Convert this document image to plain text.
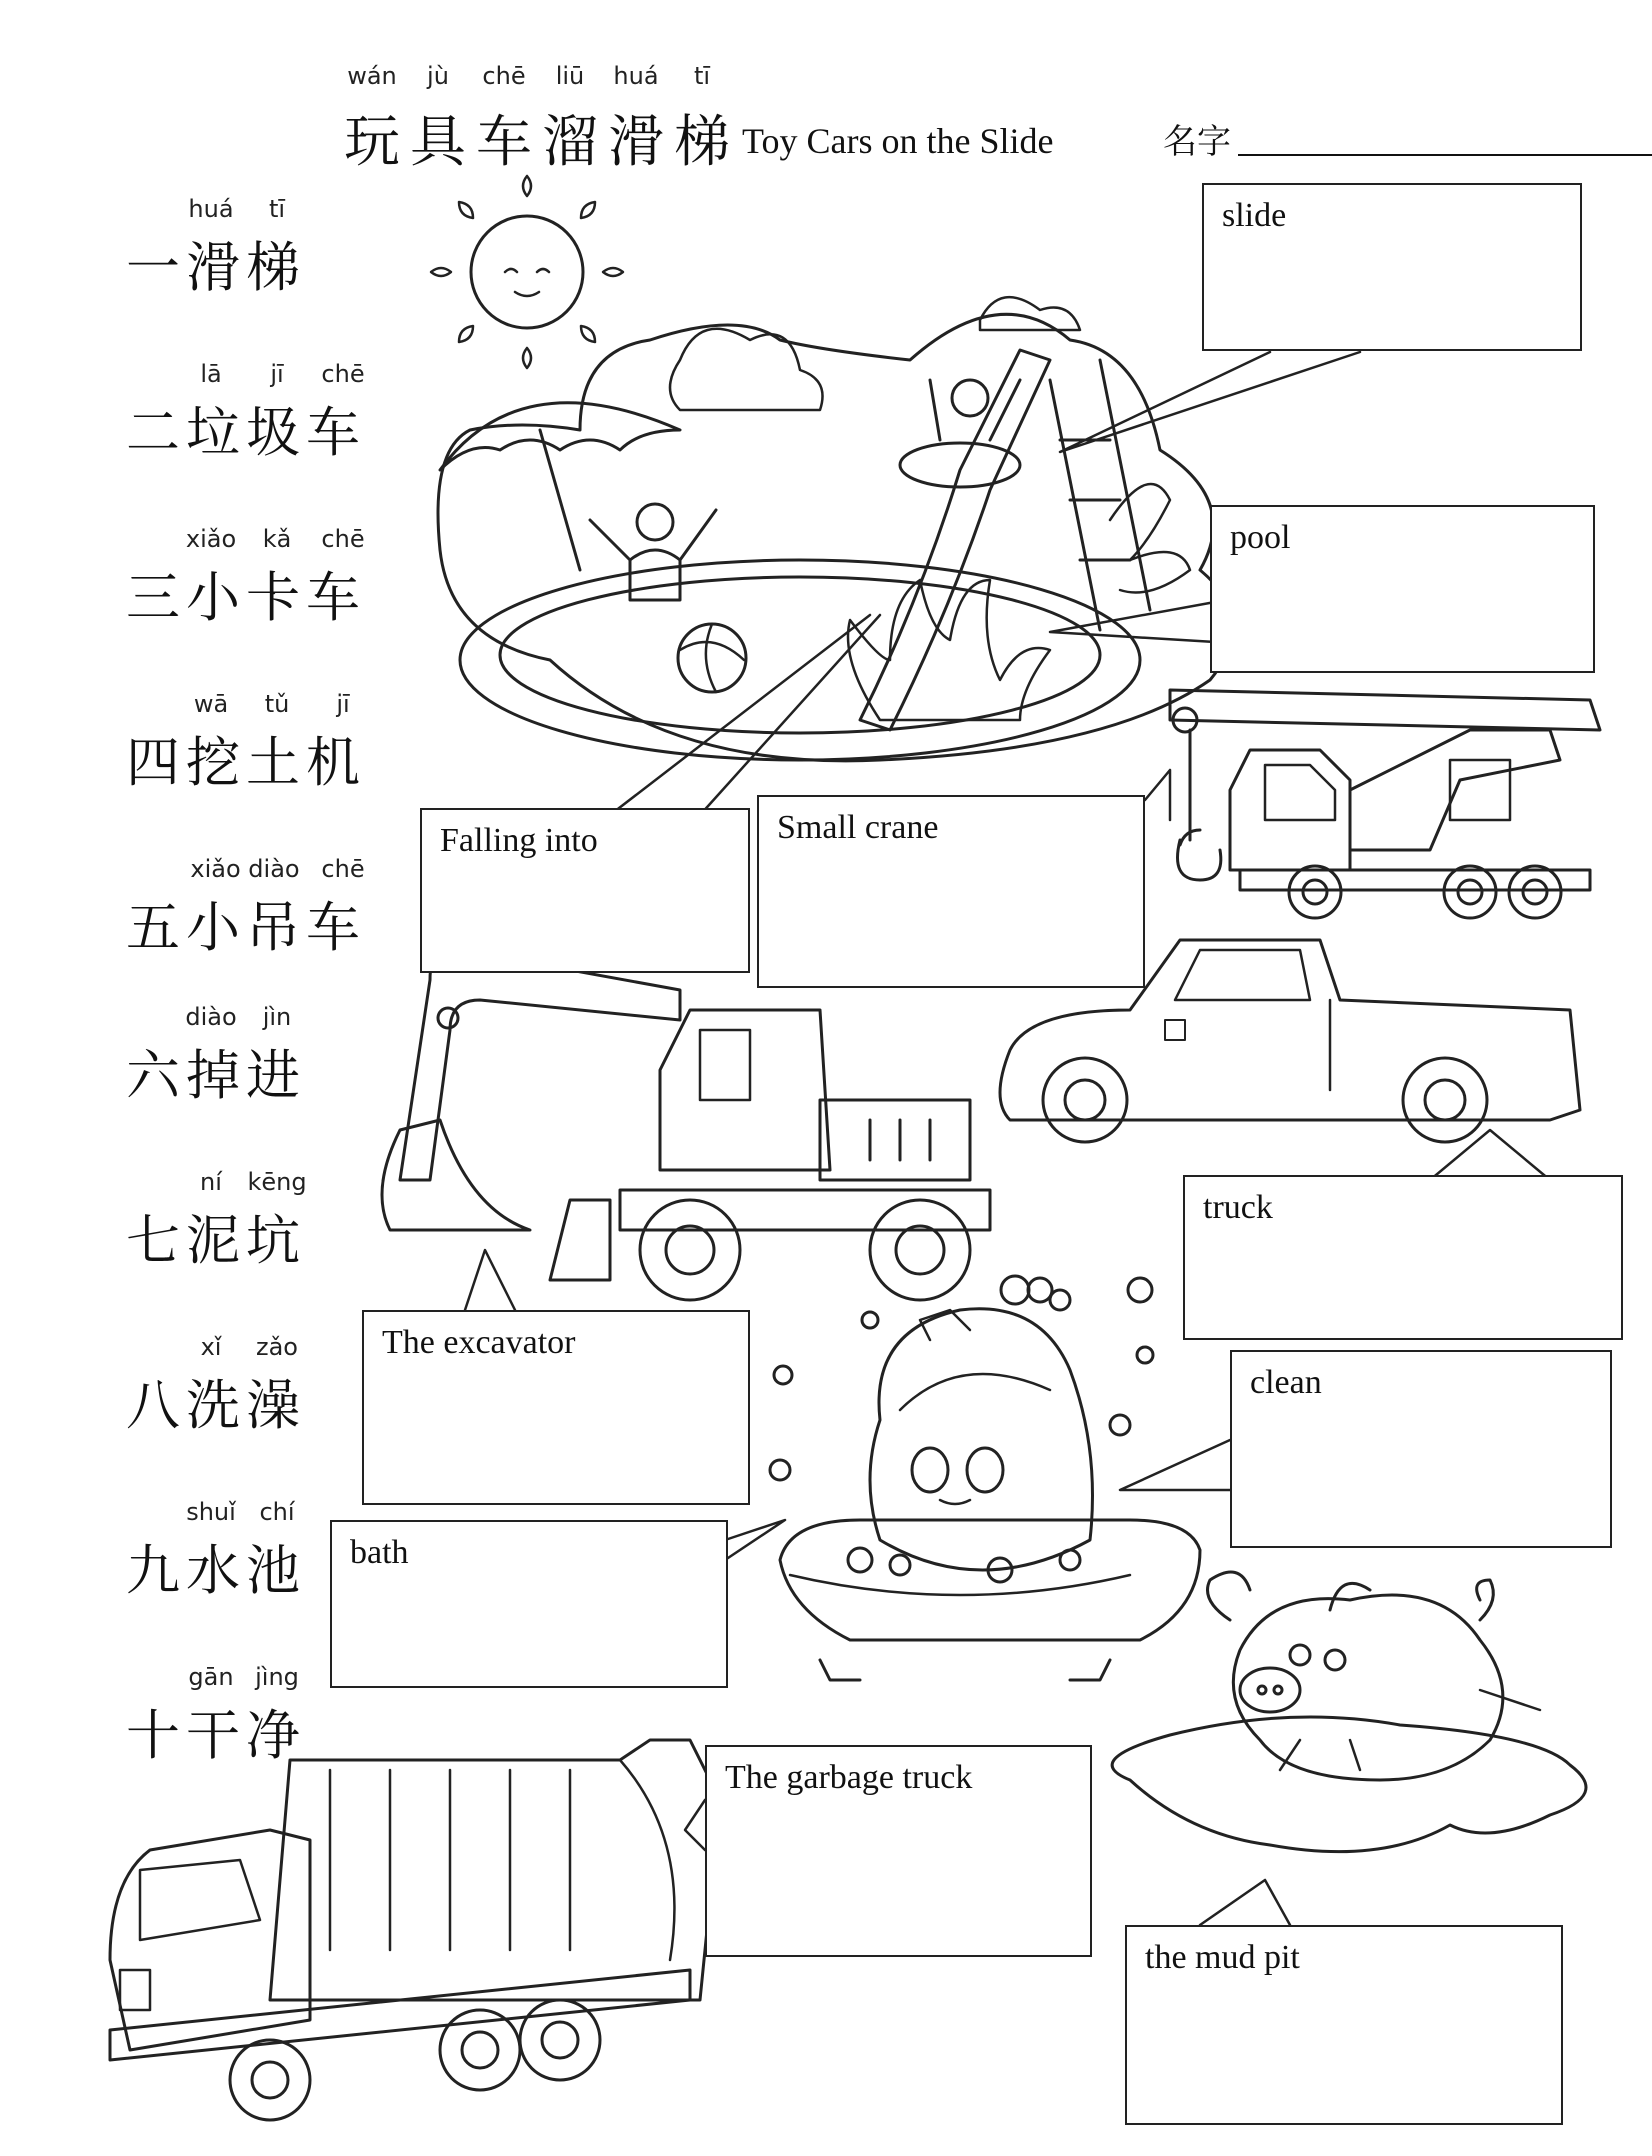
wán	jù	chē	liū	huá	tī
玩 具 车 溜 滑 梯 Toy Cars on the Slide	名字
huá	tī
一滑梯
lā	jī	chē
二垃圾车
xiǎo	kǎ	chē
三小卡车
wā	tǔ	jī
四挖土机
xiǎo diào chē
五小吊车
diào	jìn
六掉进
ní	kēng
七泥坑
xǐ	zǎo
八洗澡
shuǐ chí
九水池
gān jìng
十干净
slide
pool
Falling into	Small crane
truck
The excavator
clean
bath
The garbage truck
the mud pit
